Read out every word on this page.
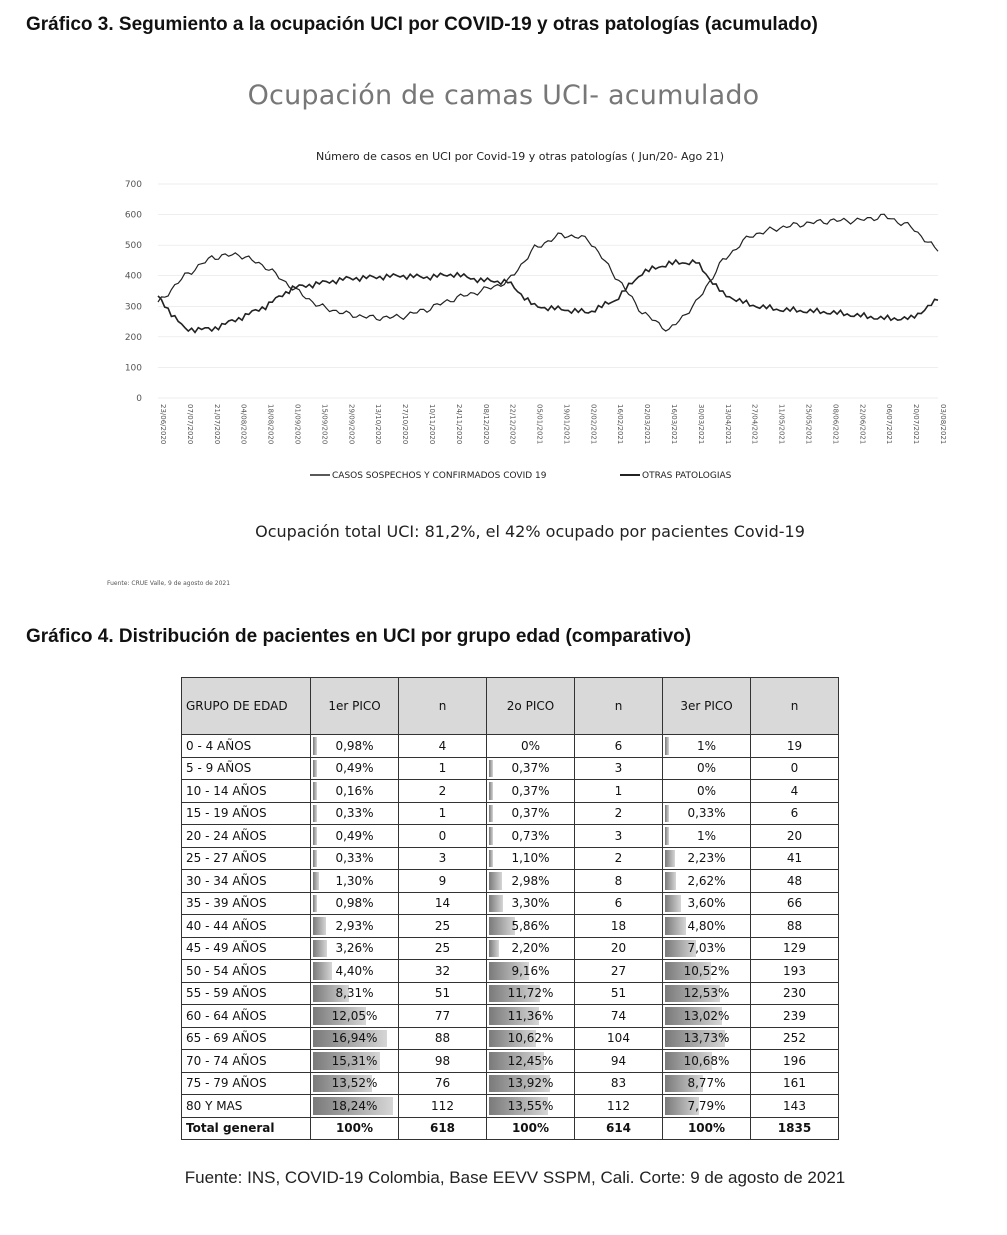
Gráfico 3. Segumiento a la ocupación UCI por COVID-19 y otras patologías (acumulado)
Ocupación de camas UCI- acumulado
Número de casos en UCI por Covid-19 y otras patologías ( Jun/20- Ago 21)
0
100
200
300
400
500
600
700
23/06/2020	07/07/2020	21/07/2020	04/08/2020	18/08/2020	01/09/2020	15/09/2020	29/09/2020	13/10/2020	27/10/2020	10/11/2020	24/11/2020	08/12/2020	22/12/2020	05/01/2021	19/01/2021	02/02/2021	16/02/2021	02/03/2021	16/03/2021	30/03/2021	13/04/2021	27/04/2021	11/05/2021	25/05/2021	08/06/2021	22/06/2021	06/07/2021	20/07/2021	03/08/2021
CASOS SOSPECHOS Y CONFIRMADOS COVID 19	OTRAS PATOLOGIAS
Ocupación total UCI: 81,2%, el 42% ocupado por pacientes Covid-19
Fuente: CRUE Valle, 9 de agosto de 2021
Gráfico 4. Distribución de pacientes en UCI por grupo edad (comparativo)
GRUPO DE EDAD	1er PICO	n	2o PICO	n	3er PICO	n
0 - 4 AÑOS	0,98%	4	0%	6	1%	19
5 - 9 AÑOS	0,49%	1	0,37%	3	0%	0
10 - 14 AÑOS	0,16%	2	0,37%	1	0%	4
15 - 19 AÑOS	0,33%	1	0,37%	2	0,33%	6
20 - 24 AÑOS	0,49%	0	0,73%	3	1%	20
25 - 27 AÑOS	0,33%	3	1,10%	2	2,23%	41
30 - 34 AÑOS	1,30%	9	2,98%	8	2,62%	48
35 - 39 AÑOS	0,98%	14	3,30%	6	3,60%	66
40 - 44 AÑOS	2,93%	25	5,86%	18	4,80%	88
45 - 49 AÑOS	3,26%	25	2,20%	20	7,03%	129
50 - 54 AÑOS	4,40%	32	9,16%	27	10,52%	193
55 - 59 AÑOS	8,31%	51	11,72%	51	12,53%	230
60 - 64 AÑOS	12,05%	77	11,36%	74	13,02%	239
65 - 69 AÑOS	16,94%	88	10,62%	104	13,73%	252
70 - 74 AÑOS	15,31%	98	12,45%	94	10,68%	196
75 - 79 AÑOS	13,52%	76	13,92%	83	8,77%	161
80 Y MAS	18,24%	112	13,55%	112	7,79%	143
Total general	100%	618	100%	614	100%	1835
Fuente: INS, COVID-19 Colombia, Base EEVV SSPM, Cali. Corte: 9 de agosto de 2021
